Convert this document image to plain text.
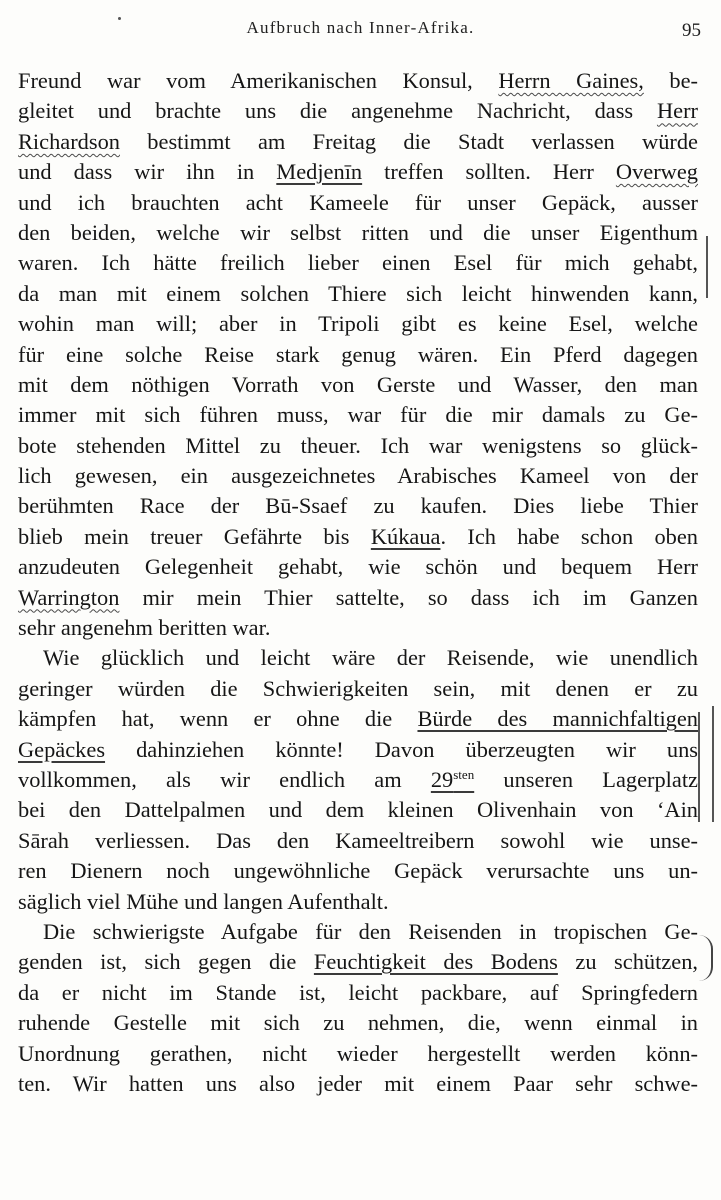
Aufbruch nach Inner-Afrika.	95
Freund war vom Amerikanischen Konsul, Herrn Gaines, be-
gleitet und brachte uns die angenehme Nachricht, dass Herr
Richardson bestimmt am Freitag die Stadt verlassen würde
und dass wir ihn in Medjenīn treffen sollten. Herr Overweg
und ich brauchten acht Kameele für unser Gepäck, ausser
den beiden, welche wir selbst ritten und die unser Eigenthum
waren. Ich hätte freilich lieber einen Esel für mich gehabt,
da man mit einem solchen Thiere sich leicht hinwenden kann,
wohin man will; aber in Tripoli gibt es keine Esel, welche
für eine solche Reise stark genug wären. Ein Pferd dagegen
mit dem nöthigen Vorrath von Gerste und Wasser, den man
immer mit sich führen muss, war für die mir damals zu Ge-
bote stehenden Mittel zu theuer. Ich war wenigstens so glück-
lich gewesen, ein ausgezeichnetes Arabisches Kameel von der
berühmten Race der Bū-Ssaef zu kaufen. Dies liebe Thier
blieb mein treuer Gefährte bis Kúkaua. Ich habe schon oben
anzudeuten Gelegenheit gehabt, wie schön und bequem Herr
Warrington mir mein Thier sattelte, so dass ich im Ganzen
sehr angenehm beritten war.
Wie glücklich und leicht wäre der Reisende, wie unendlich
geringer würden die Schwierigkeiten sein, mit denen er zu
kämpfen hat, wenn er ohne die Bürde des mannichfaltigen
Gepäckes dahinziehen könnte! Davon überzeugten wir uns
vollkommen, als wir endlich am $29^{sten}$ unseren Lagerplatz
bei den Dattelpalmen und dem kleinen Olivenhain von ‘Ain
Sārah verliessen. Das den Kameeltreibern sowohl wie unse-
ren Dienern noch ungewöhnliche Gepäck verursachte uns un-
säglich viel Mühe und langen Aufenthalt.
Die schwierigste Aufgabe für den Reisenden in tropischen Ge-
genden ist, sich gegen die Feuchtigkeit des Bodens zu schützen,
da er nicht im Stande ist, leicht packbare, auf Springfedern
ruhende Gestelle mit sich zu nehmen, die, wenn einmal in
Unordnung gerathen, nicht wieder hergestellt werden könn-
ten. Wir hatten uns also jeder mit einem Paar sehr schwe-
